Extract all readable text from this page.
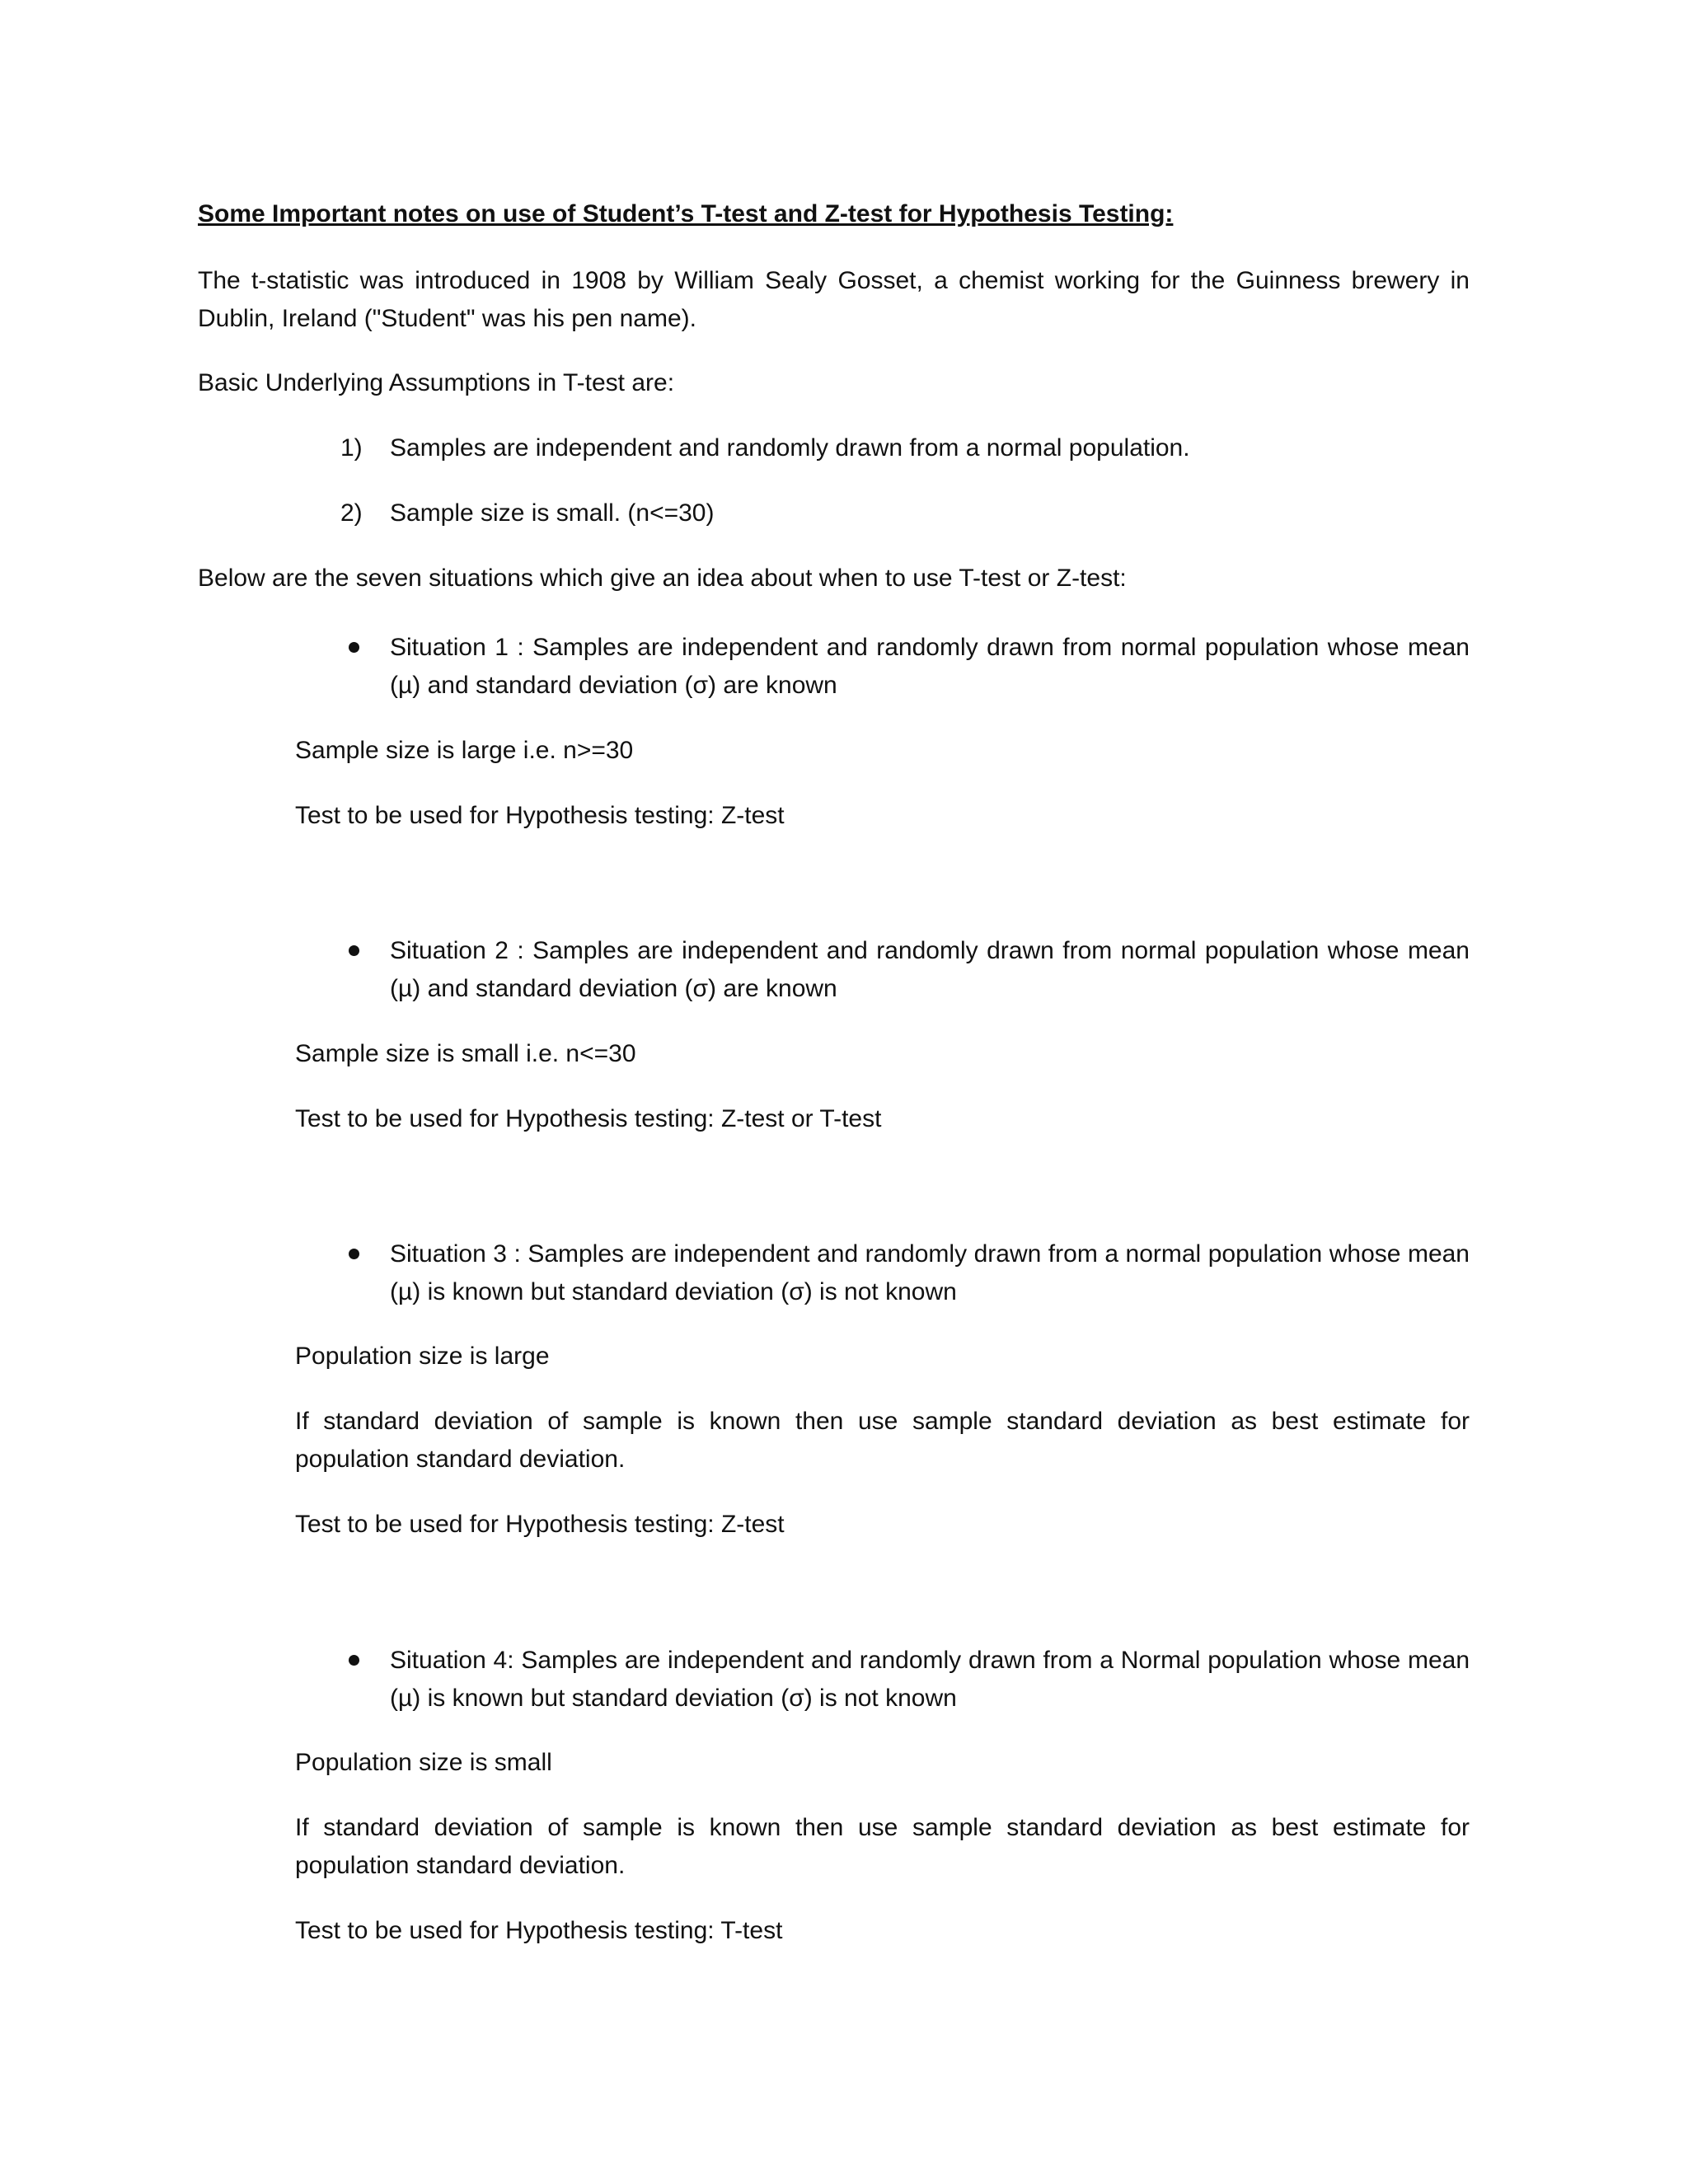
Some Important notes on use of Student’s T-test and Z-test for Hypothesis Testing:

The t-statistic was introduced in 1908 by William Sealy Gosset, a chemist working for the Guinness brewery in Dublin, Ireland ("Student" was his pen name).

Basic Underlying Assumptions in T-test are:

1) Samples are independent and randomly drawn from a normal population.
2) Sample size is small. (n<=30)

Below are the seven situations which give an idea about when to use T-test or Z-test:

Situation 1 : Samples are independent and randomly drawn from normal population whose mean (µ) and standard deviation (σ) are known

Sample size is large i.e. n>=30

Test to be used for Hypothesis testing: Z-test

Situation 2 : Samples are independent and randomly drawn from normal population whose mean (µ) and standard deviation (σ) are known

Sample size is small i.e. n<=30

Test to be used for Hypothesis testing: Z-test or T-test

Situation 3 : Samples are independent and randomly drawn from a normal population whose mean (µ) is known but standard deviation (σ) is not known

Population size is large

If standard deviation of sample is known then use sample standard deviation as best estimate for population standard deviation.

Test to be used for Hypothesis testing: Z-test

Situation 4: Samples are independent and randomly drawn from a Normal population whose mean (µ) is known but standard deviation (σ) is not known

Population size is small

If standard deviation of sample is known then use sample standard deviation as best estimate for population standard deviation.

Test to be used for Hypothesis testing: T-test
